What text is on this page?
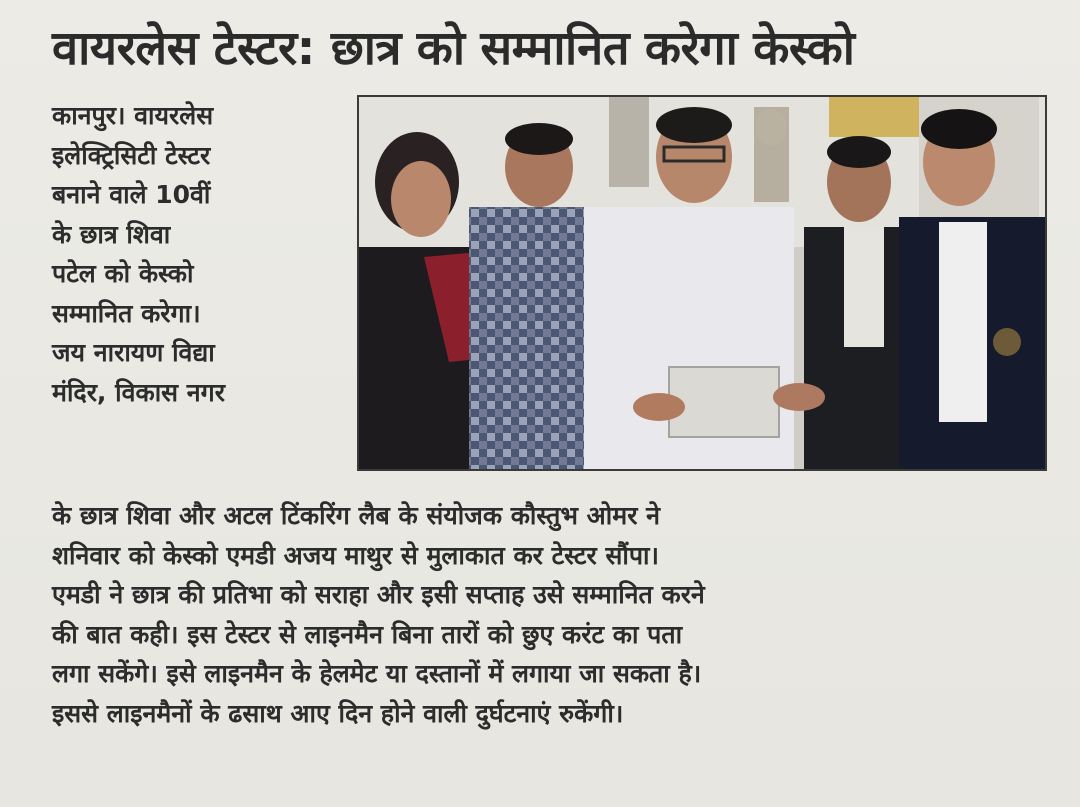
वायरलेस टेस्टर: छात्र को सम्मानित करेगा केस्को
कानपुर। वायरलेस
इलेक्ट्रिसिटी टेस्टर
बनाने वाले 10वीं
के छात्र शिवा
पटेल को केस्को
सम्मानित करेगा।
जय नारायण विद्या
मंदिर, विकास नगर
के छात्र शिवा और अटल टिंकरिंग लैब के संयोजक कौस्तुभ ओमर ने
शनिवार को केस्को एमडी अजय माथुर से मुलाकात कर टेस्टर सौंपा।
एमडी ने छात्र की प्रतिभा को सराहा और इसी सप्ताह उसे सम्मानित करने
की बात कही। इस टेस्टर से लाइनमैन बिना तारों को छुए करंट का पता
लगा सकेंगे। इसे लाइनमैन के हेलमेट या दस्तानों में लगाया जा सकता है।
इससे लाइनमैनों के ढसाथ आए दिन होने वाली दुर्घटनाएं रुकेंगी।
